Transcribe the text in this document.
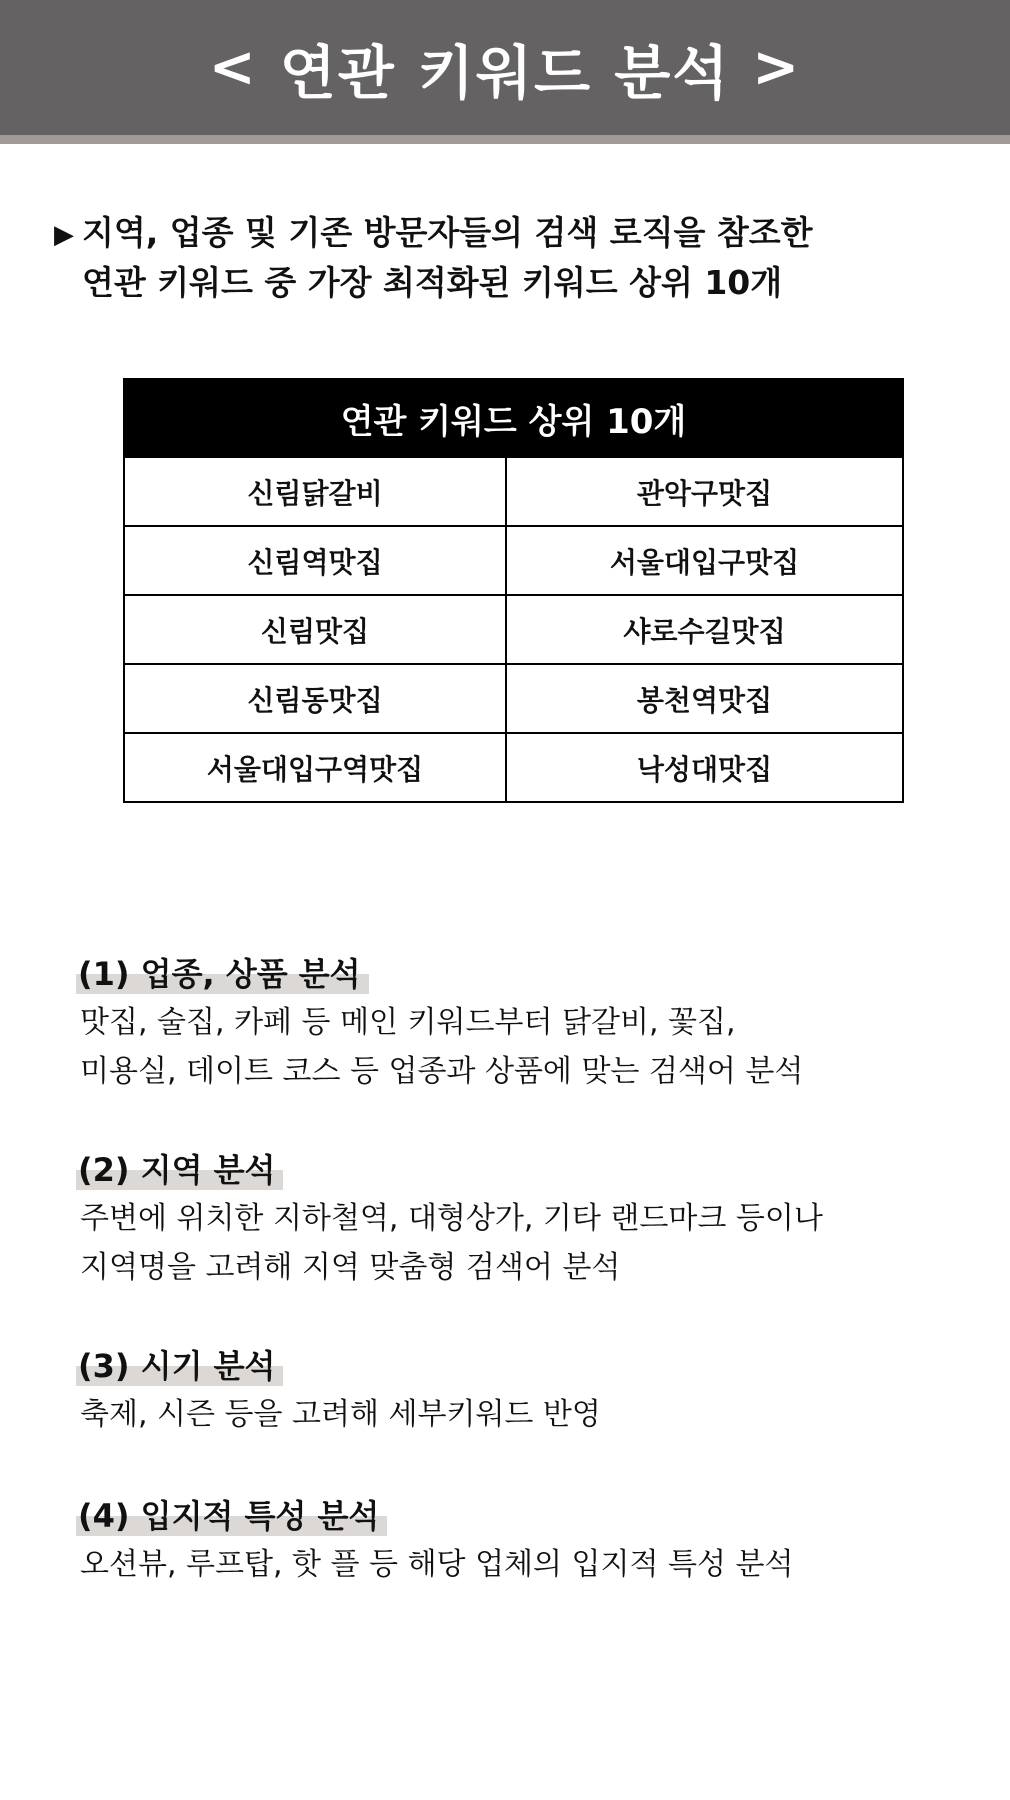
< 연관 키워드 분석 >
▶ 지역, 업종 및 기존 방문자들의 검색 로직을 참조한
연관 키워드 중 가장 최적화된 키워드 상위 10개
연관 키워드 상위 10개	
신림닭갈비	관악구맛집
신림역맛집	서울대입구맛집
신림맛집	샤로수길맛집
신림동맛집	봉천역맛집
서울대입구역맛집	낙성대맛집
(1) 업종, 상품 분석
맛집, 술집, 카페 등 메인 키워드부터 닭갈비, 꽃집,
미용실, 데이트 코스 등 업종과 상품에 맞는 검색어 분석
(2) 지역 분석
주변에 위치한 지하철역, 대형상가, 기타 랜드마크 등이나
지역명을 고려해 지역 맞춤형 검색어 분석
(3) 시기 분석
축제, 시즌 등을 고려해 세부키워드 반영
(4) 입지적 특성 분석
오션뷰, 루프탑, 핫 플 등 해당 업체의 입지적 특성 분석
